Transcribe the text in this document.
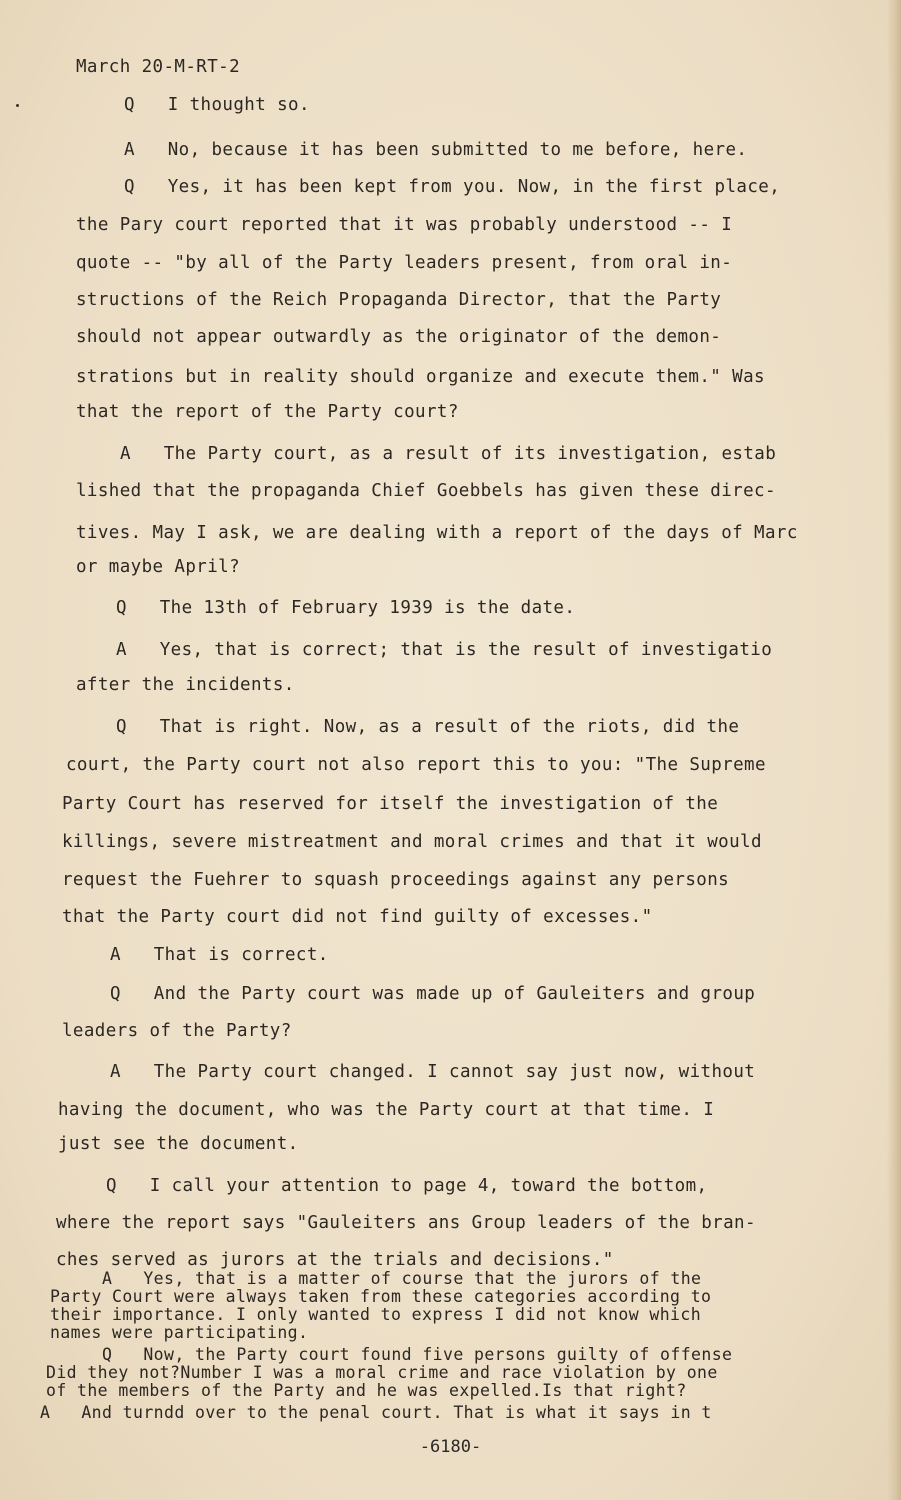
March 20-M-RT-2
Q   I thought so.
A   No, because it has been submitted to me before, here.
Q   Yes, it has been kept from you. Now, in the first place,
the Pary court reported that it was probably understood -- I
quote -- "by all of the Party leaders present, from oral in-
structions of the Reich Propaganda Director, that the Party
should not appear outwardly as the originator of the demon-
strations but in reality should organize and execute them." Was
that the report of the Party court?
A   The Party court, as a result of its investigation, estab
lished that the propaganda Chief Goebbels has given these direc-
tives. May I ask, we are dealing with a report of the days of Marc
or maybe April?
Q   The 13th of February 1939 is the date.
A   Yes, that is correct; that is the result of investigatio
after the incidents.
Q   That is right. Now, as a result of the riots, did the
court, the Party court not also report this to you: "The Supreme
Party Court has reserved for itself the investigation of the
killings, severe mistreatment and moral crimes and that it would
request the Fuehrer to squash proceedings against any persons
that the Party court did not find guilty of excesses."
A   That is correct.
Q   And the Party court was made up of Gauleiters and group
leaders of the Party?
A   The Party court changed. I cannot say just now, without
having the document, who was the Party court at that time. I
just see the document.
Q   I call your attention to page 4, toward the bottom,
where the report says "Gauleiters ans Group leaders of the bran-
ches served as jurors at the trials and decisions."
A   Yes, that is a matter of course that the jurors of the
Party Court were always taken from these categories according to
their importance. I only wanted to express I did not know which
names were participating.
Q   Now, the Party court found five persons guilty of offense
Did they not?Number I was a moral crime and race violation by one
of the members of the Party and he was expelled.Is that right?
A   And turndd over to the penal court. That is what it says in t
-6180-
